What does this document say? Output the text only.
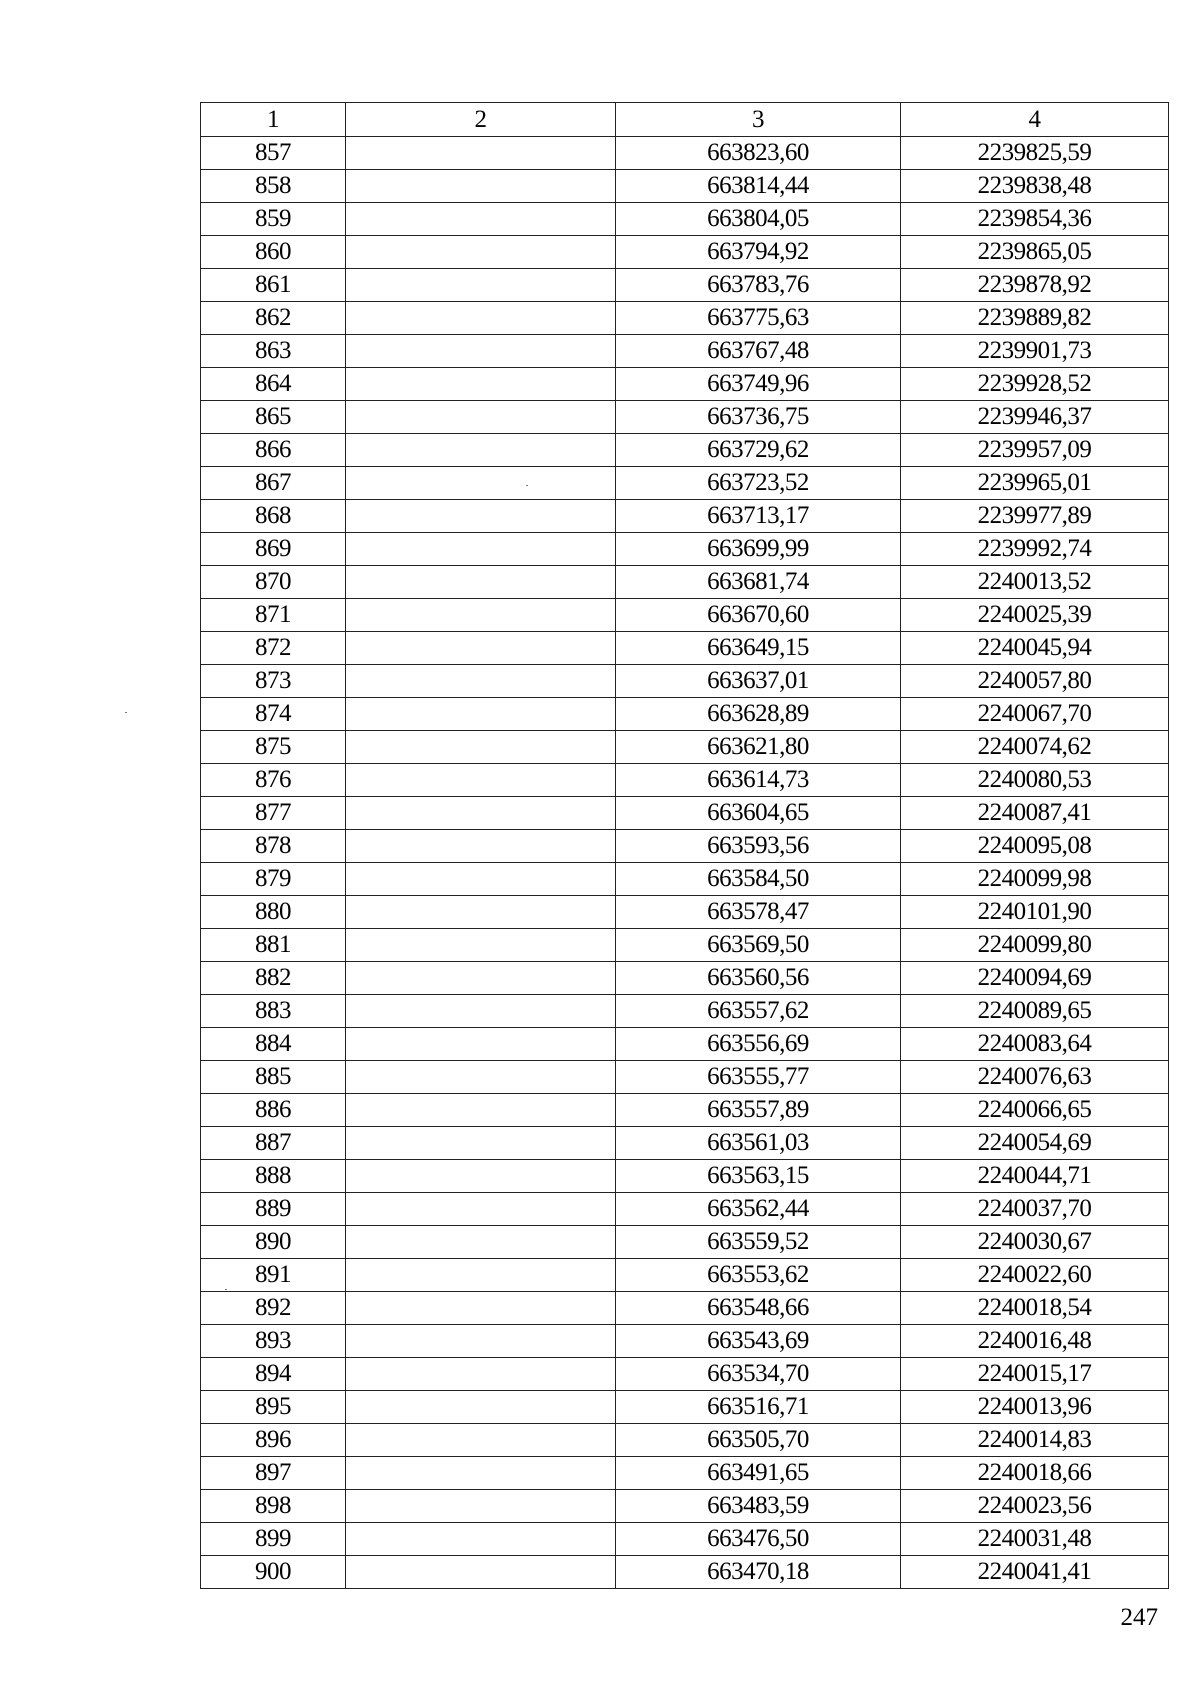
1	2	3	4
857		663823,60	2239825,59
858		663814,44	2239838,48
859		663804,05	2239854,36
860		663794,92	2239865,05
861		663783,76	2239878,92
862		663775,63	2239889,82
863		663767,48	2239901,73
864		663749,96	2239928,52
865		663736,75	2239946,37
866		663729,62	2239957,09
867		663723,52	2239965,01
868		663713,17	2239977,89
869		663699,99	2239992,74
870		663681,74	2240013,52
871		663670,60	2240025,39
872		663649,15	2240045,94
873		663637,01	2240057,80
874		663628,89	2240067,70
875		663621,80	2240074,62
876		663614,73	2240080,53
877		663604,65	2240087,41
878		663593,56	2240095,08
879		663584,50	2240099,98
880		663578,47	2240101,90
881		663569,50	2240099,80
882		663560,56	2240094,69
883		663557,62	2240089,65
884		663556,69	2240083,64
885		663555,77	2240076,63
886		663557,89	2240066,65
887		663561,03	2240054,69
888		663563,15	2240044,71
889		663562,44	2240037,70
890		663559,52	2240030,67
891		663553,62	2240022,60
892		663548,66	2240018,54
893		663543,69	2240016,48
894		663534,70	2240015,17
895		663516,71	2240013,96
896		663505,70	2240014,83
897		663491,65	2240018,66
898		663483,59	2240023,56
899		663476,50	2240031,48
900		663470,18	2240041,41
247
